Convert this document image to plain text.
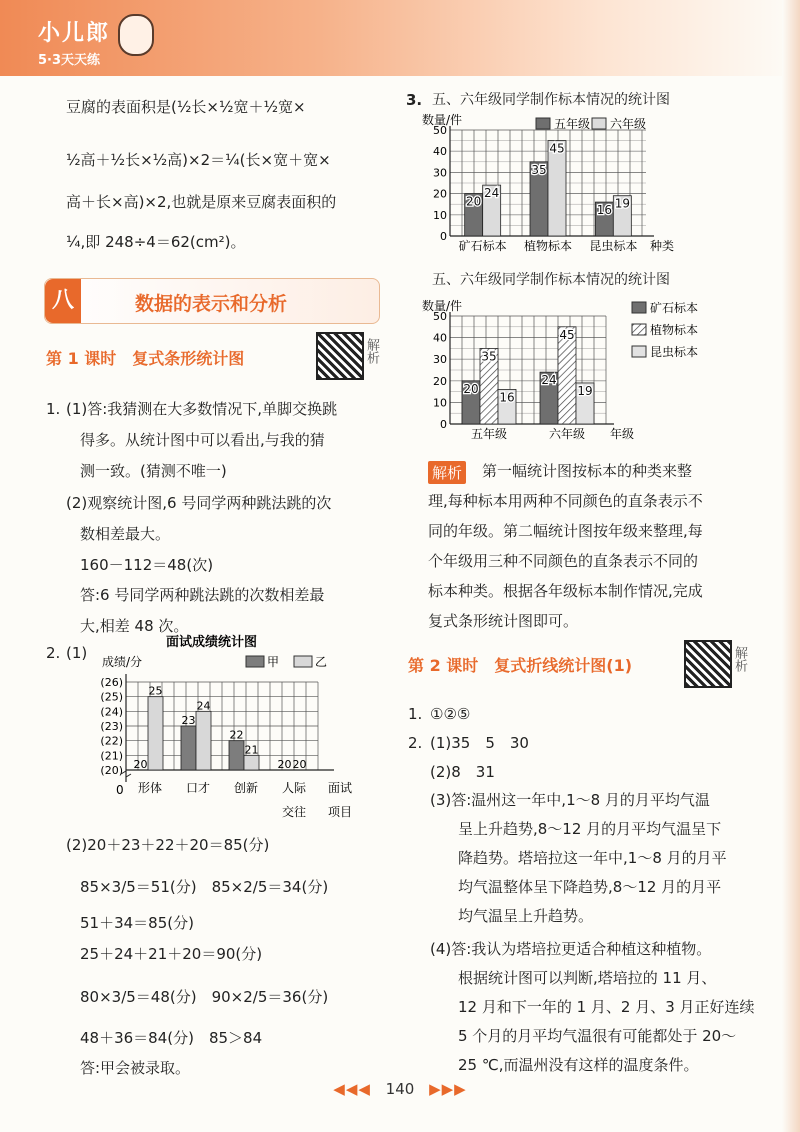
小儿郎
5·3天天练
豆腐的表面积是(½长×½宽＋½宽×
½高＋½长×½高)×2＝¼(长×宽＋宽×
高＋长×高)×2,也就是原来豆腐表面积的
¼,即 248÷4＝62(cm²)。
八	数据的表示和分析
第 1 课时　复式条形统计图	解析
1. (1)答:我猜测在大多数情况下,单脚交换跳
得多。从统计图中可以看出,与我的猜
测一致。(猜测不唯一)
(2)观察统计图,6 号同学两种跳法跳的次
数相差最大。
160－112＝48(次)
答:6 号同学两种跳法跳的次数相差最
大,相差 48 次。
2. (1)
面试成绩统计图
成绩/分	甲	乙
(20)
(21)
(22)
(23)
(24)
(25)
(26)
0
20
25
形体
23
24
口才
22
21
创新
20 20
人际
交往
面试
项目
(2)20＋23＋22＋20＝85(分)
85×3/5＝51(分)　85×2/5＝34(分)
51＋34＝85(分)
25＋24＋21＋20＝90(分)
80×3/5＝48(分)　90×2/5＝36(分)
48＋36＝84(分)　85＞84
答:甲会被录取。
3. 五、六年级同学制作标本情况的统计图
数量/件
0
10
20
30
40
50
20
24
矿石标本
35
45
植物标本
16 19
昆虫标本 种类
五年级 六年级
五、六年级同学制作标本情况的统计图
数量/件
0
10
20
30
40
50
20
35
16
五年级
24
45
19
六年级 年级
矿石标本
植物标本
昆虫标本
解析 第一幅统计图按标本的种类来整
理,每种标本用两种不同颜色的直条表示不
同的年级。第二幅统计图按年级来整理,每
个年级用三种不同颜色的直条表示不同的
标本种类。根据各年级标本制作情况,完成
复式条形统计图即可。
第 2 课时　复式折线统计图(1)	解析
1. ①②⑤
2. (1)35　5　30
(2)8　31
(3)答:温州这一年中,1～8 月的月平均气温
呈上升趋势,8～12 月的月平均气温呈下
降趋势。塔培拉这一年中,1～8 月的月平
均气温整体呈下降趋势,8～12 月的月平
均气温呈上升趋势。
(4)答:我认为塔培拉更适合种植这种植物。
根据统计图可以判断,塔培拉的 11 月、
12 月和下一年的 1 月、2 月、3 月正好连续
5 个月的月平均气温很有可能都处于 20～
25 ℃,而温州没有这样的温度条件。
◀◀◀ 140 ▶▶▶
